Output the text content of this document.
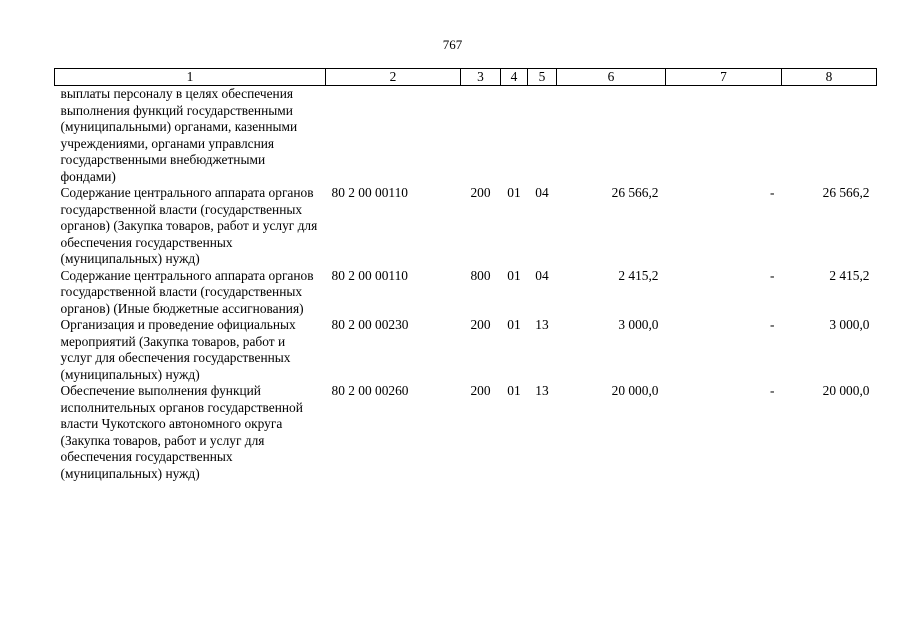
767
1	2	3	4	5	6	7	8
выплаты персоналу в целях обеспечения выполнения функций государственными (муниципальными) органами, казенными учреждениями, органами управлсния государственными внебюджетными фондами)							
Содержание центрального аппарата органов государственной власти (государственных органов) (Закупка товаров, работ и услуг для обеспечения государственных (муниципальных) нужд)	80 2 00 00110	200	01	04	26 566,2	-	26 566,2
Содержание центрального аппарата органов государственной власти (государственных органов) (Иные бюджетные ассигнования)	80 2 00 00110	800	01	04	2 415,2	-	2 415,2
Организация и проведение официальных мероприятий (Закупка товаров, работ и услуг для обеспечения государственных (муниципальных) нужд)	80 2 00 00230	200	01	13	3 000,0	-	3 000,0
Обеспечение выполнения функций исполнительных органов государственной власти Чукотского автономного округа (Закупка товаров, работ и услуг для обеспечения государственных (муниципальных) нужд)	80 2 00 00260	200	01	13	20 000,0	-	20 000,0
